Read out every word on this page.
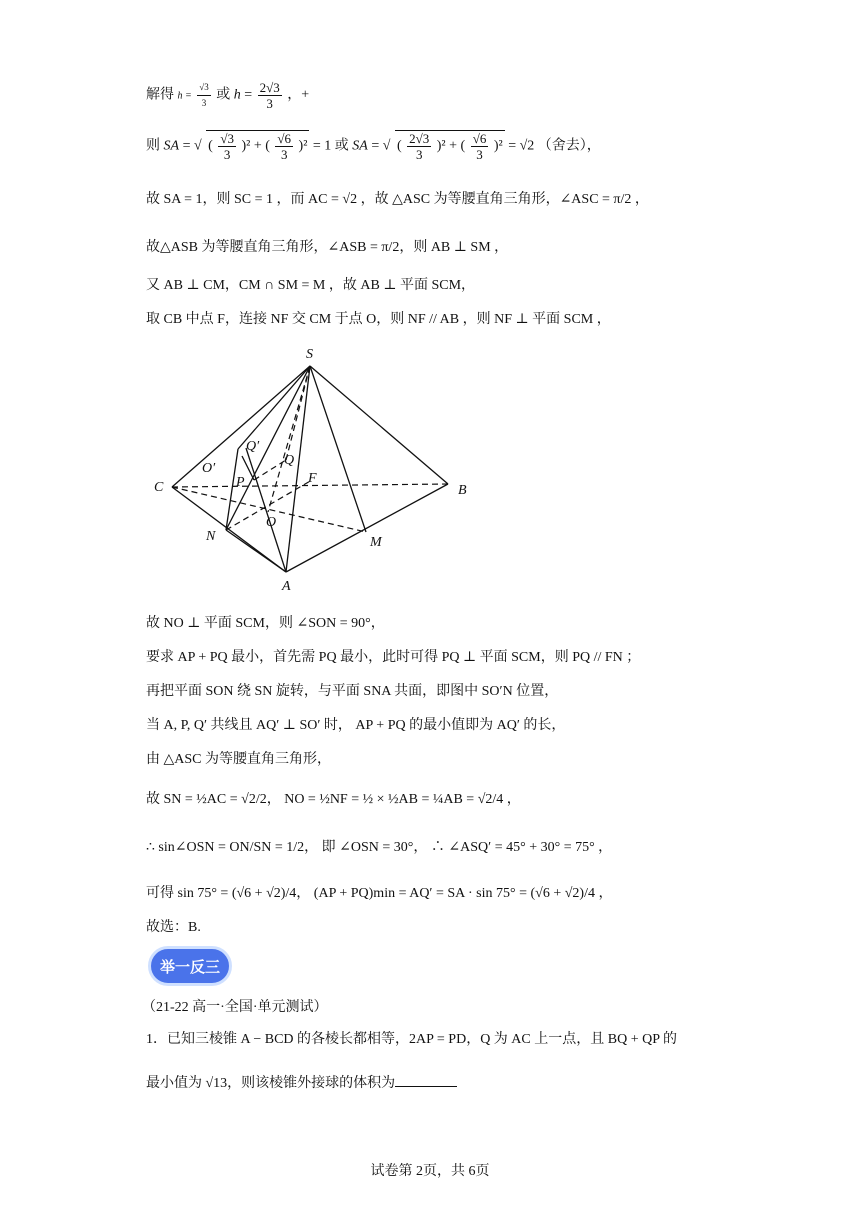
解得 $h = \frac{√3}{3}$ 或 $h = \frac{2√3}{3}$ ，+
则 SA = √ ( $\frac{√3}{3} )^2$ + ( $\frac{√6}{3} )^2 = 1$ 或 SA = √ ( $\frac{2√3}{3} )^2$ + ( $\frac{√6}{3} )^2 = √2$ （舍去），
故 SA = 1，则 SC = 1 ，而 AC = √2 ，故 △ASC 为等腰直角三角形，∠ASC = π/2 ，
故△ASB 为等腰直角三角形，∠ASB = π/2，则 AB ⊥ SM ，
又 AB ⊥ CM，CM ∩ SM = M ，故 AB ⊥ 平面 SCM，
取 CB 中点 F，连接 NF 交 CM 于点 O，则 NF // AB ，则 NF ⊥ 平面 SCM ，
S
C	B
A
N	M
O
O′
P
Q
Q′
F
故 NO ⊥ 平面 SCM，则 ∠SON = 90°，
要求 AP + PQ 最小，首先需 PQ 最小，此时可得 PQ ⊥ 平面 SCM，则 PQ // FN ；
再把平面 SON 绕 SN 旋转，与平面 SNA 共面，即图中 SO′N 位置，
当 A, P, Q′ 共线且 AQ′ ⊥ SO′ 时， AP + PQ 的最小值即为 AQ′ 的长，
由 △ASC 为等腰直角三角形，
故 SN = ½AC = √2/2， NO = ½NF = ½ × ½AB = ¼AB = √2/4 ，
∴ sin∠OSN = ON/SN = 1/2， 即 ∠OSN = 30°， ∴ ∠ASQ′ = 45° + 30° = 75° ，
可得 sin 75° = (√6 + √2)/4， (AP + PQ)min = AQ′ = SA · sin 75° = (√6 + √2)/4 ，
故选：B.
举一反三
（21-22 高一·全国·单元测试）
1．已知三棱锥 A − BCD 的各棱长都相等，2AP = PD，Q 为 AC 上一点，且 BQ + QP 的
最小值为 √13，则该棱锥外接球的体积为
试卷第 2页，共 6页
